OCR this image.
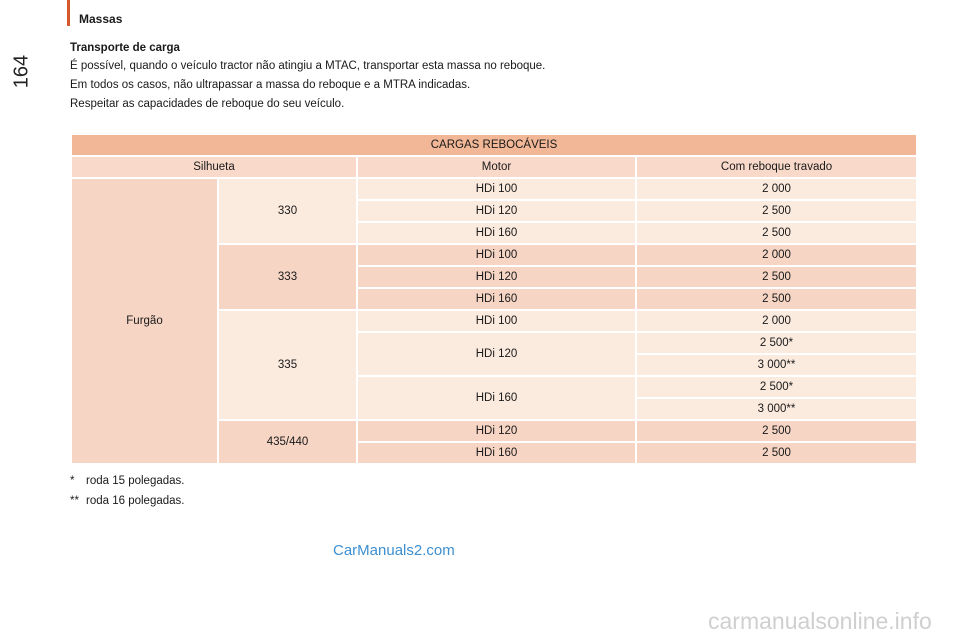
164
Massas

Transporte de carga

É possível, quando o veículo tractor não atingiu a MTAC, transportar esta massa no reboque.

Em todos os casos, não ultrapassar a massa do reboque e a MTRA indicadas.

Respeitar as capacidades de reboque do seu veículo.

CARGAS REBOCÁVEIS			
Silhueta		Motor	Com reboque travado
Furgão	330	HDi 100	2 000
		HDi 120	2 500
		HDi 160	2 500
	333	HDi 100	2 000
		HDi 120	2 500
		HDi 160	2 500
	335	HDi 100	2 000
		HDi 120	2 500*
			3 000**
		HDi 160	2 500*
			3 000**
	435/440	HDi 120	2 500
		HDi 160	2 500

* roda 15 polegadas.

** roda 16 polegadas.

CarManuals2.com
carmanualsonline.info
